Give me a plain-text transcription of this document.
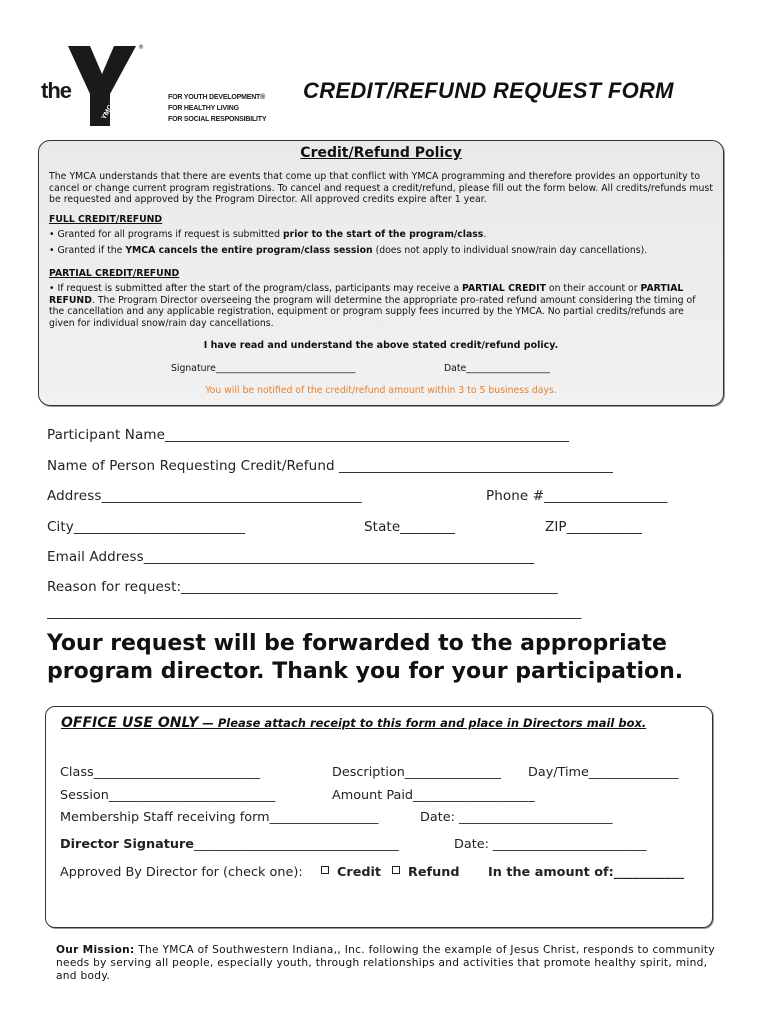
YMCA
the
®
FOR YOUTH DEVELOPMENT®
FOR HEALTHY LIVING
FOR SOCIAL RESPONSIBILITY
CREDIT/REFUND REQUEST FORM
Credit/Refund Policy
The YMCA understands that there are events that come up that conflict with YMCA programming and therefore provides an opportunity to cancel or change current program registrations. To cancel and request a credit/refund, please fill out the form below. All credits/refunds must be requested and approved by the Program Director. All approved credits expire after 1 year.
FULL CREDIT/REFUND
• Granted for all programs if request is submitted prior to the start of the program/class.
• Granted if the YMCA cancels the entire program/class session (does not apply to individual snow/rain day cancellations).
PARTIAL CREDIT/REFUND
• If request is submitted after the start of the program/class, participants may receive a PARTIAL CREDIT on their account or PARTIAL REFUND. The Program Director overseeing the program will determine the appropriate pro-rated refund amount considering the timing of the cancellation and any applicable registration, equipment or program supply fees incurred by the YMCA. No partial credits/refunds are given for individual snow/rain day cancellations.
I have read and understand the above stated credit/refund policy.
Signature______________________________	Date__________________
You will be notified of the credit/refund amount within 3 to 5 business days.
Participant Name___________________________________________________________
Name of Person Requesting Credit/Refund ________________________________________
Address______________________________________	Phone #__________________
City_________________________	State________	ZIP___________
Email Address_________________________________________________________
Reason for request:_______________________________________________________
______________________________________________________________________________
Your request will be forwarded to the appropriate
program director. Thank you for your participation.
OFFICE USE ONLY — Please attach receipt to this form and place in Directors mail box.
Class__________________________	Description_______________ Day/Time______________
Session__________________________	Amount Paid___________________
Membership Staff receiving form_________________	Date: ________________________
Director Signature________________________________	Date: ________________________
Approved By Director for (check one):	Credit	Refund In the amount of:___________
Our Mission: The YMCA of Southwestern Indiana,, Inc. following the example of Jesus Christ, responds to community needs by serving all people, especially youth, through relationships and activities that promote healthy spirit, mind, and body.
